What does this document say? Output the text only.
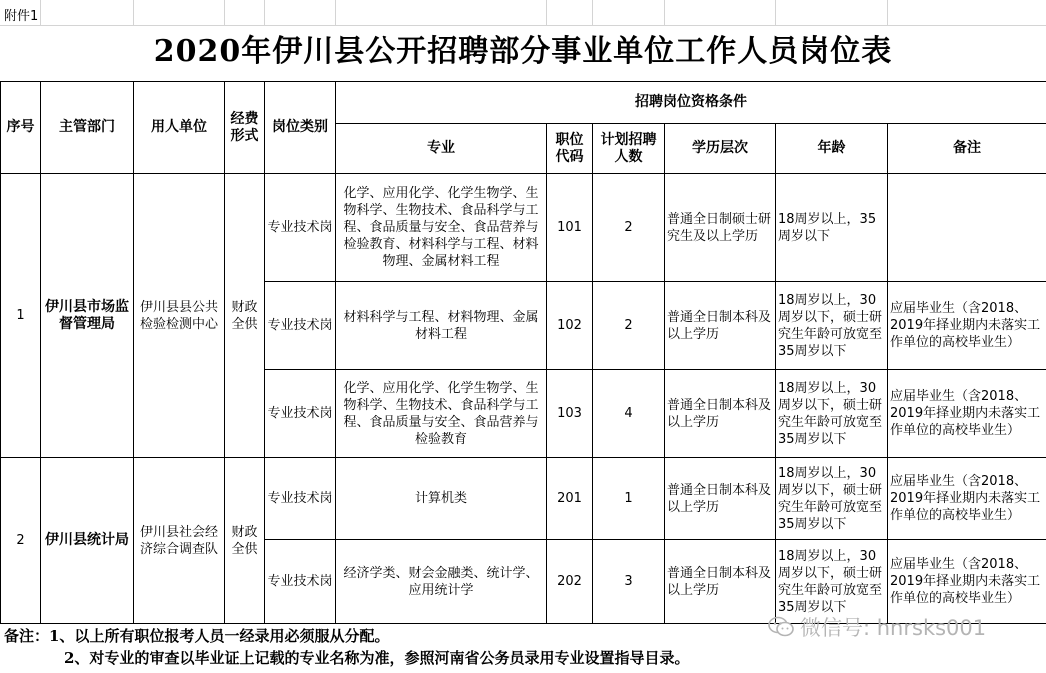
附件1
2020年伊川县公开招聘部分事业单位工作人员岗位表
序号	主管部门	用人单位	经费形式	岗位类别	招聘岗位资格条件					
					专业	职位代码	计划招聘人数	学历层次	年龄	备注
1	伊川县市场监督管理局	伊川县县公共检验检测中心	财政全供	专业技术岗	化学、应用化学、化学生物学、生物科学、生物技术、食品科学与工程、食品质量与安全、食品营养与检验教育、材料科学与工程、材料物理、金属材料工程	101	2	普通全日制硕士研究生及以上学历	18周岁以上，35周岁以下	
				专业技术岗	材料科学与工程、材料物理、金属材料工程	102	2	普通全日制本科及以上学历	18周岁以上，30周岁以下，硕士研究生年龄可放宽至35周岁以下	应届毕业生（含2018、2019年择业期内未落实工作单位的高校毕业生）
				专业技术岗	化学、应用化学、化学生物学、生物科学、生物技术、食品科学与工程、食品质量与安全、食品营养与检验教育	103	4	普通全日制本科及以上学历	18周岁以上，30周岁以下，硕士研究生年龄可放宽至35周岁以下	应届毕业生（含2018、2019年择业期内未落实工作单位的高校毕业生）
2	伊川县统计局	伊川县社会经济综合调查队	财政全供	专业技术岗	计算机类	201	1	普通全日制本科及以上学历	18周岁以上，30周岁以下，硕士研究生年龄可放宽至35周岁以下	应届毕业生（含2018、2019年择业期内未落实工作单位的高校毕业生）
				专业技术岗	经济学类、财会金融类、统计学、应用统计学	202	3	普通全日制本科及以上学历	18周岁以上，30周岁以下，硕士研究生年龄可放宽至35周岁以下	应届毕业生（含2018、2019年择业期内未落实工作单位的高校毕业生）
备注：1、以上所有职位报考人员一经录用必须服从分配。
2、对专业的审查以毕业证上记载的专业名称为准，参照河南省公务员录用专业设置指导目录。
微信号: hnrsks001
